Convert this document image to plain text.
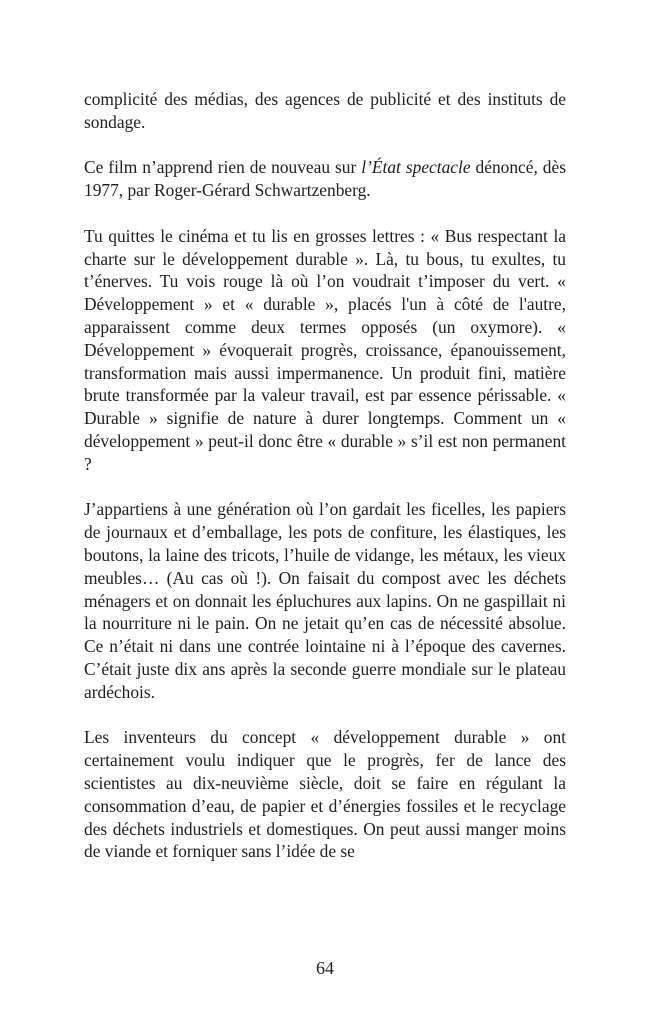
complicité des médias, des agences de publicité et des instituts de sondage.

Ce film n’apprend rien de nouveau sur l’État spectacle dénoncé, dès 1977, par Roger-Gérard Schwartzenberg.

Tu quittes le cinéma et tu lis en grosses lettres : « Bus respectant la charte sur le développement durable ». Là, tu bous, tu exultes, tu t’énerves. Tu vois rouge là où l’on voudrait t’imposer du vert. « Développement » et « durable », placés l'un à côté de l'autre, apparaissent comme deux termes opposés (un oxymore). « Développement » évoquerait progrès, croissance, épanouissement, transformation mais aussi impermanence. Un produit fini, matière brute transformée par la valeur travail, est par essence périssable. « Durable » signifie de nature à durer longtemps. Comment un « développement » peut-il donc être « durable » s’il est non permanent ?

J’appartiens à une génération où l’on gardait les ficelles, les papiers de journaux et d’emballage, les pots de confiture, les élastiques, les boutons, la laine des tricots, l’huile de vidange, les métaux, les vieux meubles… (Au cas où !). On faisait du compost avec les déchets ménagers et on donnait les épluchures aux lapins. On ne gaspillait ni la nourriture ni le pain. On ne jetait qu’en cas de nécessité absolue. Ce n’était ni dans une contrée lointaine ni à l’époque des cavernes. C’était juste dix ans après la seconde guerre mondiale sur le plateau ardéchois.

Les inventeurs du concept « développement durable » ont certainement voulu indiquer que le progrès, fer de lance des scientistes au dix-neuvième siècle, doit se faire en régulant la consommation d’eau, de papier et d’énergies fossiles et le recyclage des déchets industriels et domestiques. On peut aussi manger moins de viande et forniquer sans l’idée de se

64
